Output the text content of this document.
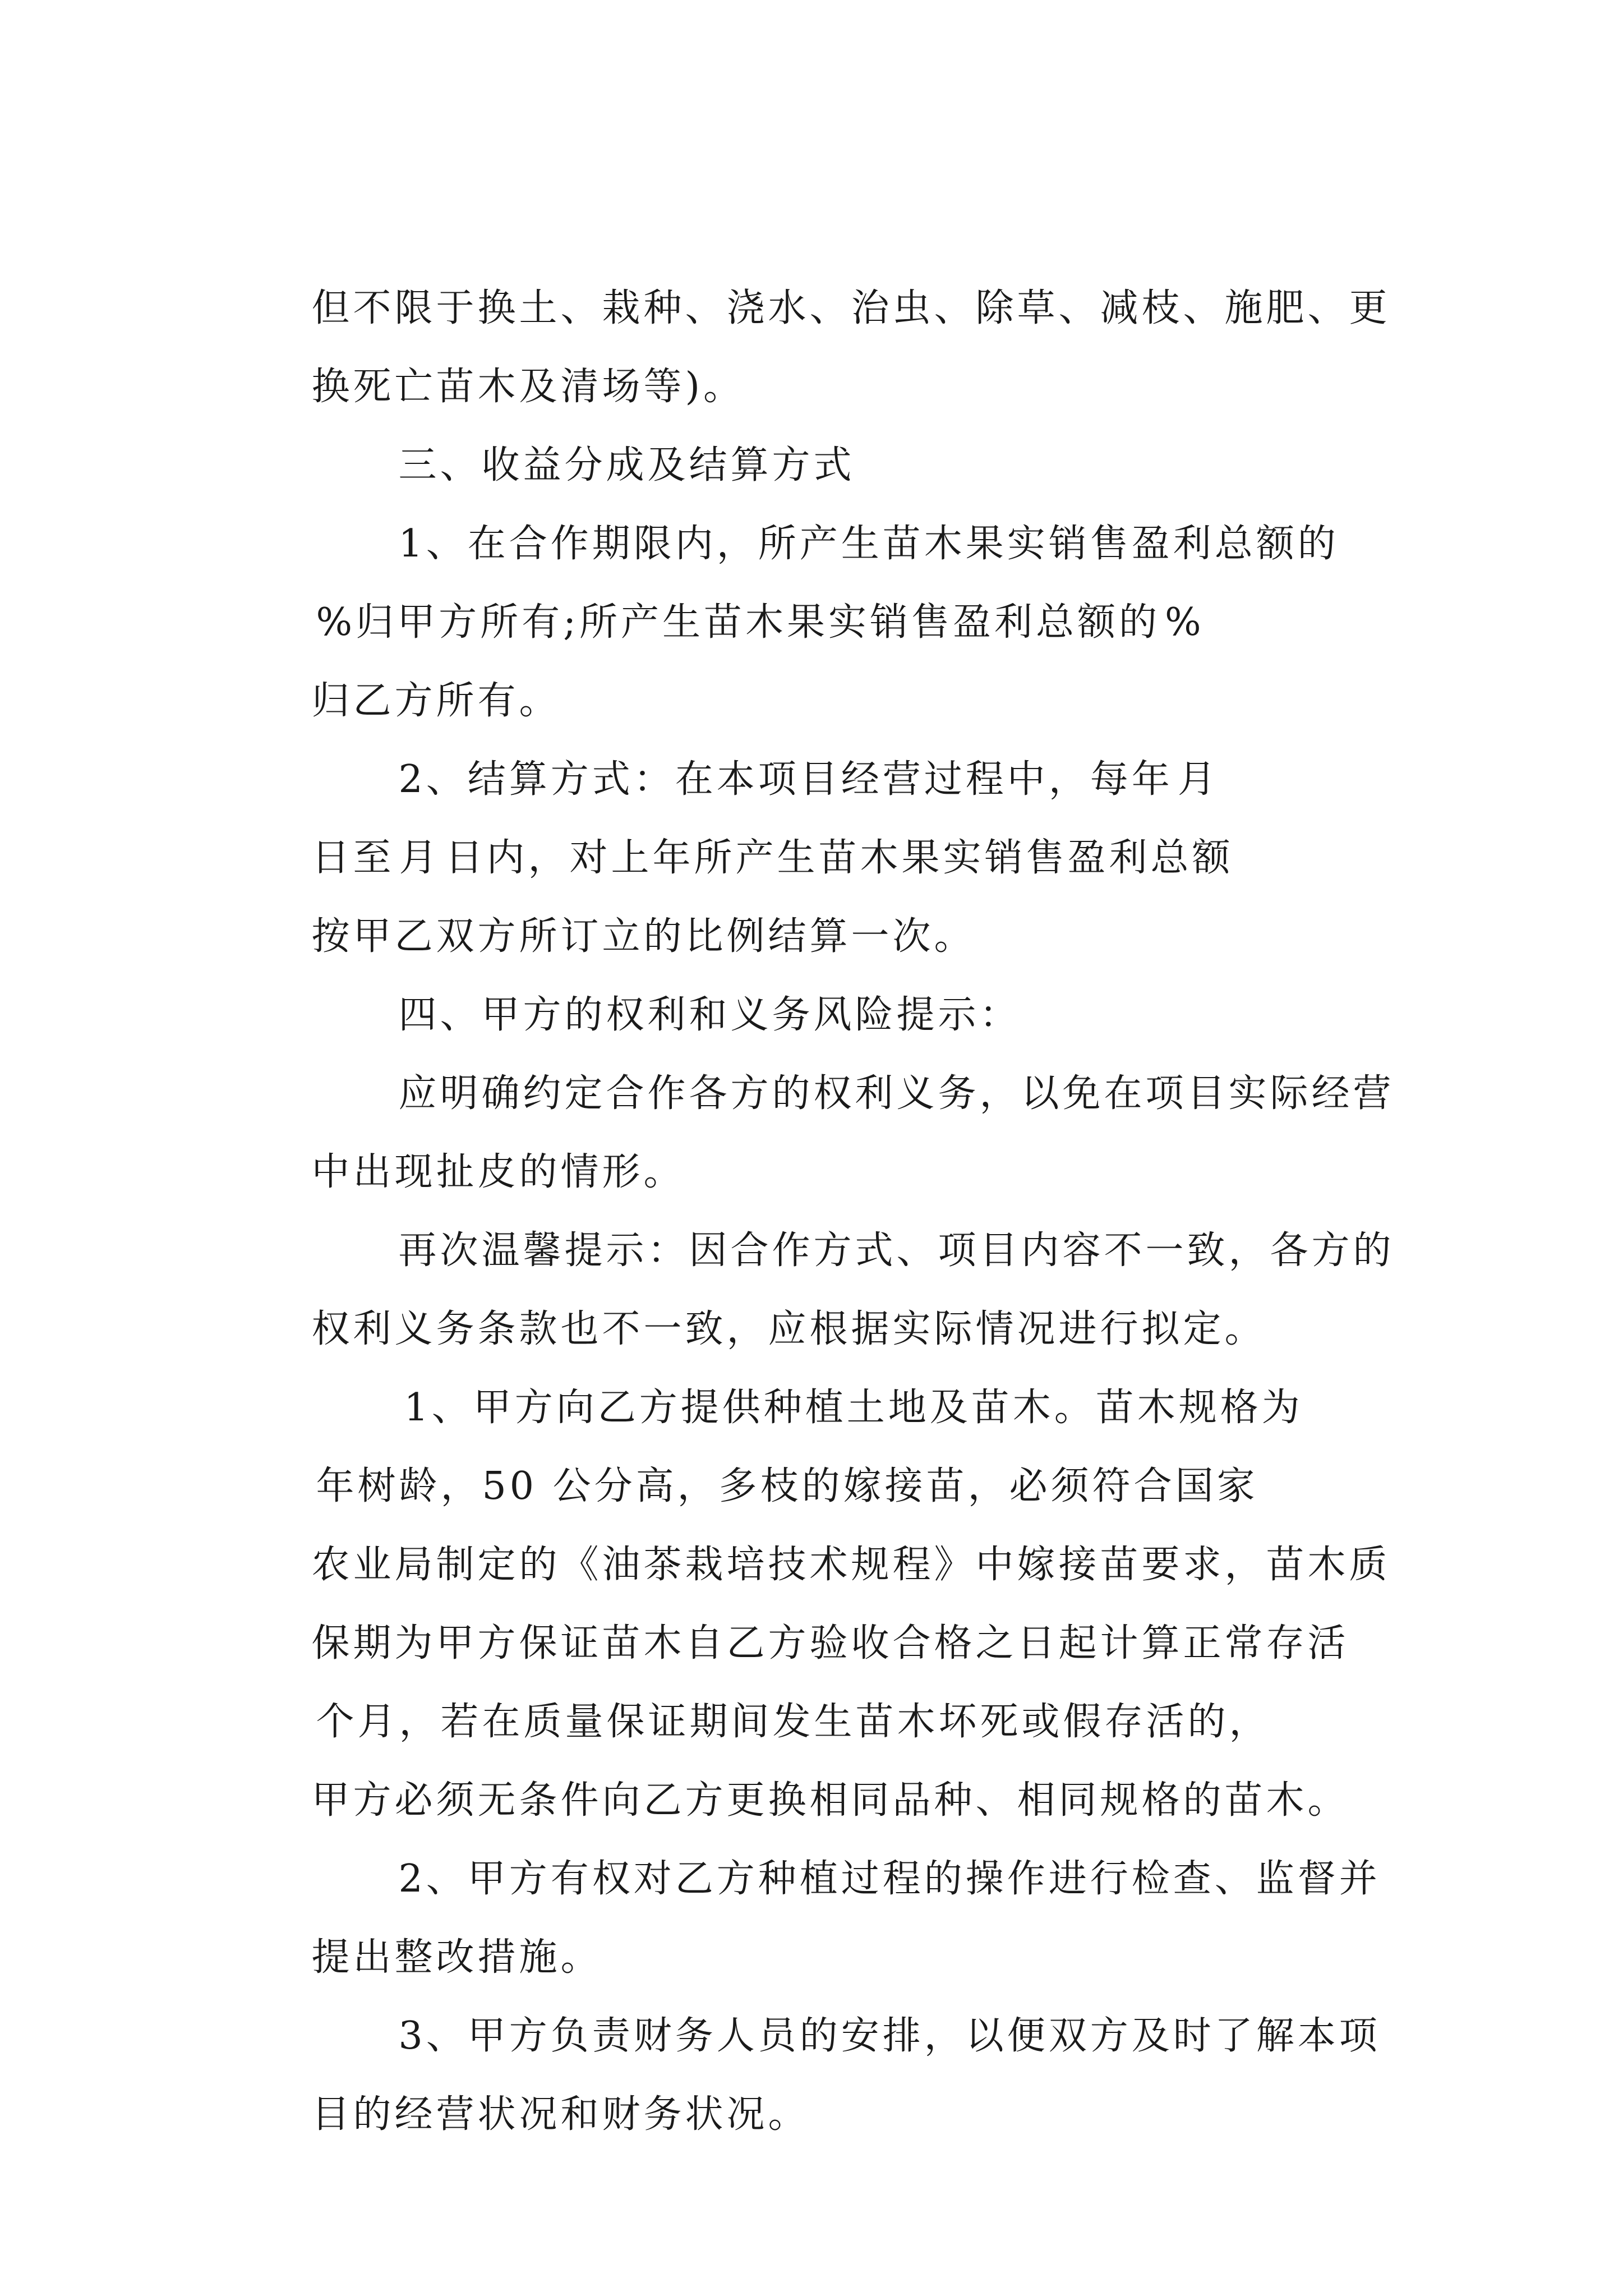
但不限于换土、栽种、浇水、治虫、除草、减枝、施肥、更

换死亡苗木及清场等)。

三、收益分成及结算方式

1、在合作期限内，所产生苗木果实销售盈利总额的

%归甲方所有;所产生苗木果实销售盈利总额的 %

归乙方所有。

2、结算方式：在本项目经营过程中，每年 月

日至 月 日内，对上年所产生苗木果实销售盈利总额

按甲乙双方所订立的比例结算一次。

四、甲方的权利和义务风险提示：

应明确约定合作各方的权利义务，以免在项目实际经营

中出现扯皮的情形。

再次温馨提示：因合作方式、项目内容不一致，各方的

权利义务条款也不一致，应根据实际情况进行拟定。

1、甲方向乙方提供种植土地及苗木。苗木规格为

年树龄，50 公分高，多枝的嫁接苗，必须符合国家

农业局制定的《油茶栽培技术规程》中嫁接苗要求，苗木质

保期为甲方保证苗木自乙方验收合格之日起计算正常存活

个月，若在质量保证期间发生苗木坏死或假存活的，

甲方必须无条件向乙方更换相同品种、相同规格的苗木。

2、甲方有权对乙方种植过程的操作进行检查、监督并

提出整改措施。

3、甲方负责财务人员的安排，以便双方及时了解本项

目的经营状况和财务状况。
